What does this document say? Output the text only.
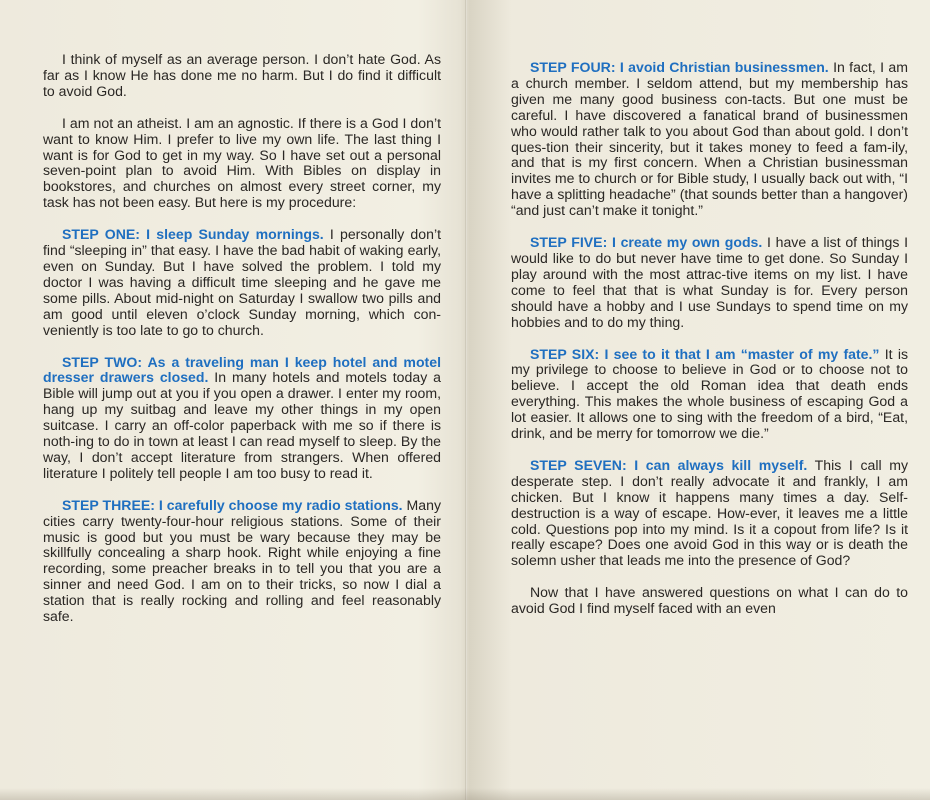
I think of myself as an average person. I don’t hate God. As far as I know He has done me no harm. But I do find it difficult to avoid God.

I am not an atheist. I am an agnostic. If there is a God I don’t want to know Him. I prefer to live my own life. The last thing I want is for God to get in my way. So I have set out a personal seven-point plan to avoid Him. With Bibles on display in bookstores, and churches on almost every street corner, my task has not been easy. But here is my procedure:

STEP ONE: I sleep Sunday mornings. I personally don’t find “sleeping in” that easy. I have the bad habit of waking early, even on Sunday. But I have solved the problem. I told my doctor I was having a difficult time sleeping and he gave me some pills. About mid-night on Saturday I swallow two pills and am good until eleven o’clock Sunday morning, which con-veniently is too late to go to church.

STEP TWO: As a traveling man I keep hotel and motel dresser drawers closed. In many hotels and motels today a Bible will jump out at you if you open a drawer. I enter my room, hang up my suitbag and leave my other things in my open suitcase. I carry an off-color paperback with me so if there is noth-ing to do in town at least I can read myself to sleep. By the way, I don’t accept literature from strangers. When offered literature I politely tell people I am too busy to read it.

STEP THREE: I carefully choose my radio stations. Many cities carry twenty-four-hour religious stations. Some of their music is good but you must be wary because they may be skillfully concealing a sharp hook. Right while enjoying a fine recording, some preacher breaks in to tell you that you are a sinner and need God. I am on to their tricks, so now I dial a station that is really rocking and rolling and feel reasonably safe.

STEP FOUR: I avoid Christian businessmen. In fact, I am a church member. I seldom attend, but my membership has given me many good business con-tacts. But one must be careful. I have discovered a fanatical brand of businessmen who would rather talk to you about God than about gold. I don’t ques-tion their sincerity, but it takes money to feed a fam-ily, and that is my first concern. When a Christian businessman invites me to church or for Bible study, I usually back out with, “I have a splitting headache” (that sounds better than a hangover) “and just can’t make it tonight.”

STEP FIVE: I create my own gods. I have a list of things I would like to do but never have time to get done. So Sunday I play around with the most attrac-tive items on my list. I have come to feel that that is what Sunday is for. Every person should have a hobby and I use Sundays to spend time on my hobbies and to do my thing.

STEP SIX: I see to it that I am “master of my fate.” It is my privilege to choose to believe in God or to choose not to believe. I accept the old Roman idea that death ends everything. This makes the whole business of escaping God a lot easier. It allows one to sing with the freedom of a bird, “Eat, drink, and be merry for tomorrow we die.”

STEP SEVEN: I can always kill myself. This I call my desperate step. I don’t really advocate it and frankly, I am chicken. But I know it happens many times a day. Self-destruction is a way of escape. How-ever, it leaves me a little cold. Questions pop into my mind. Is it a copout from life? Is it really escape? Does one avoid God in this way or is death the solemn usher that leads me into the presence of God?

Now that I have answered questions on what I can do to avoid God I find myself faced with an even
